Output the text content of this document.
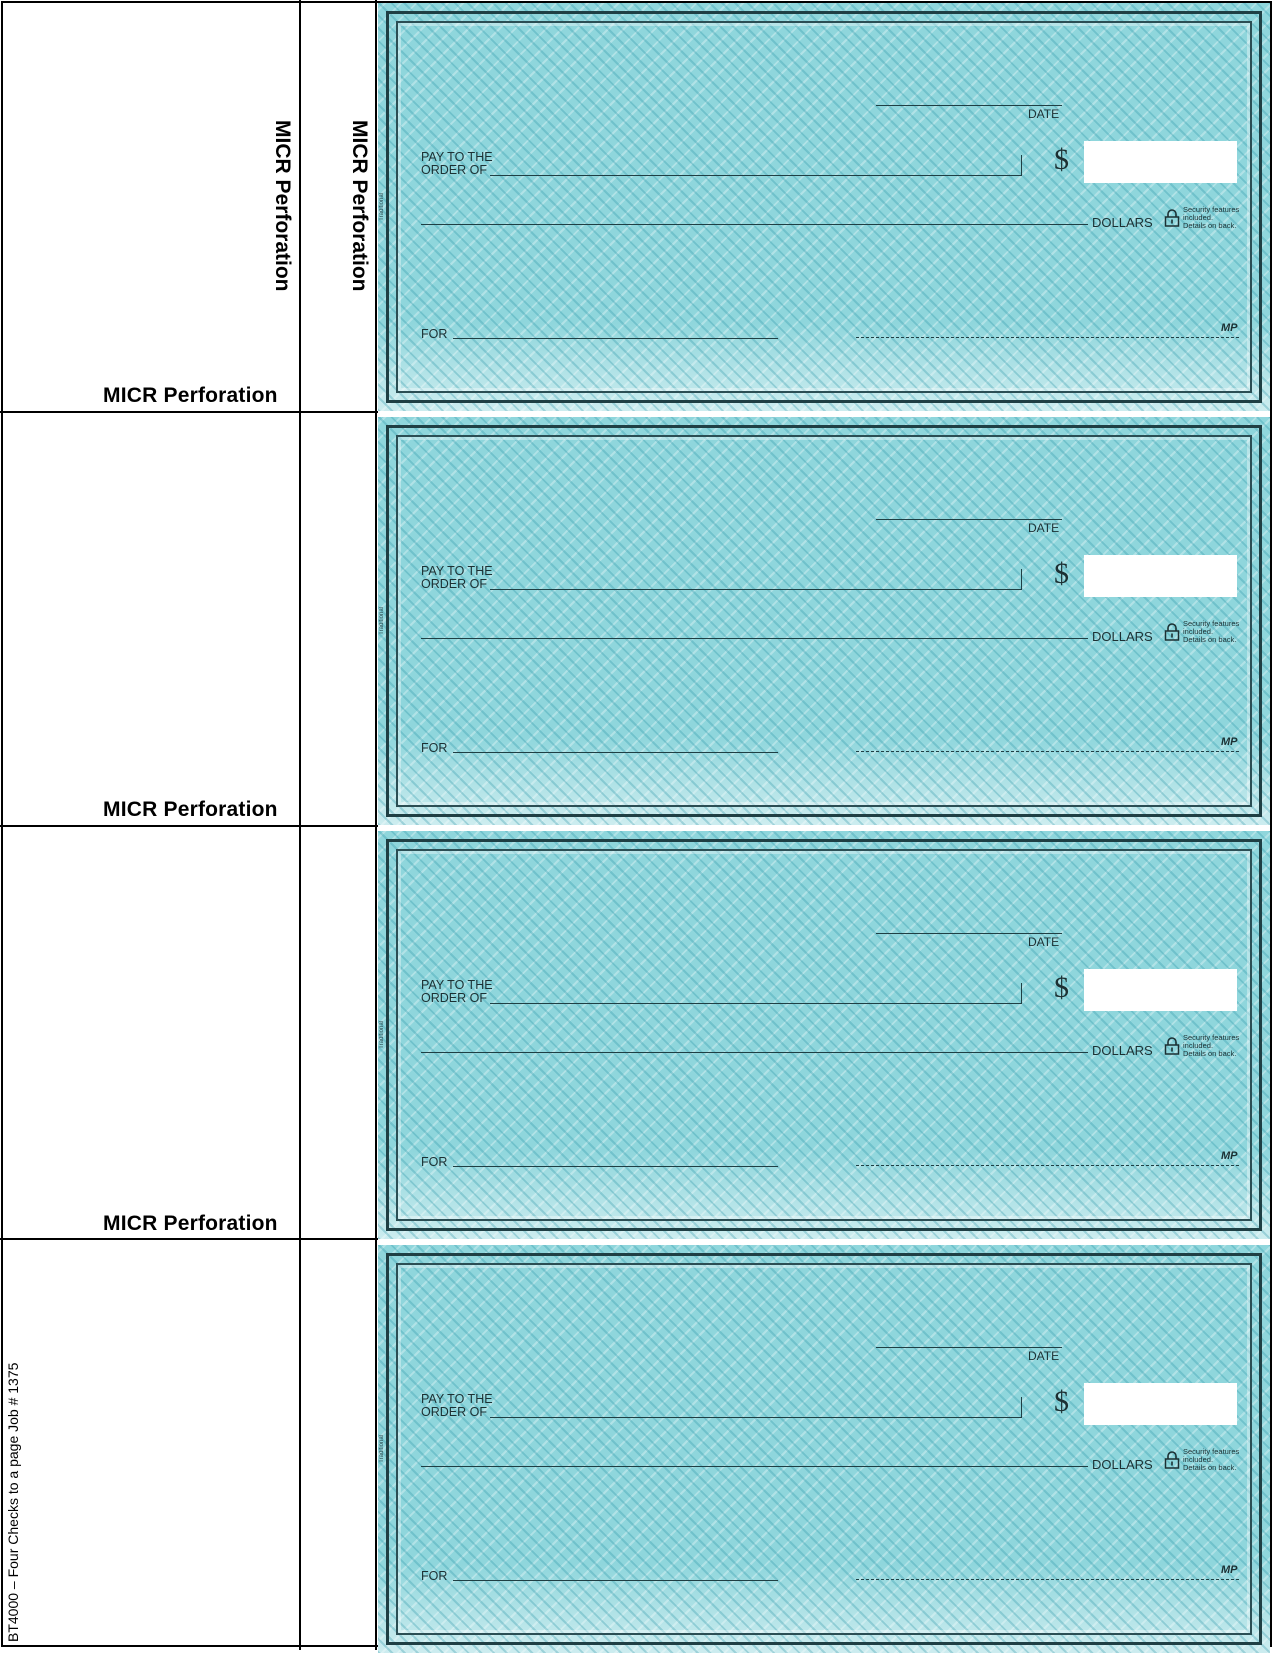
MICR Perforation	MICR Perforation
MICR Perforation
MICR Perforation
MICR Perforation
BT4000 – Four Checks to a page Job # 1375
Traditional
DATE
PAY TO THE
ORDER OF	$
DOLLARS
Security features
included.
Details on back.
FOR	MP
Traditional
DATE
PAY TO THE
ORDER OF	$
DOLLARS
Security features
included.
Details on back.
FOR	MP
Traditional
DATE
PAY TO THE
ORDER OF	$
DOLLARS
Security features
included.
Details on back.
FOR	MP
Traditional
DATE
PAY TO THE
ORDER OF	$
DOLLARS
Security features
included.
Details on back.
FOR	MP
